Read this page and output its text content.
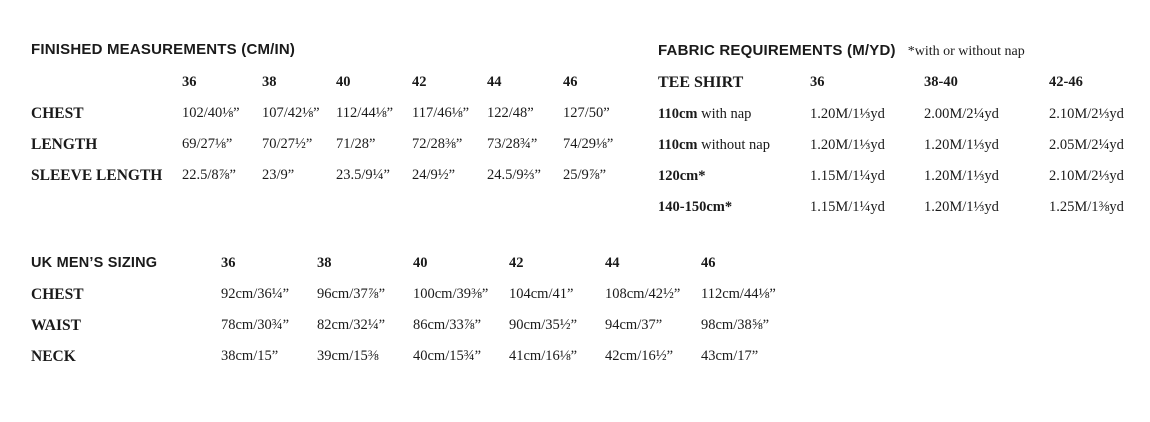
FINISHED MEASUREMENTS (CM/IN)
36	38	40	42	44	46
CHEST	102/40⅛” 107/42⅛” 112/44⅛” 117/46⅛” 122/48” 127/50”
LENGTH	69/27⅛” 70/27½” 71/28”	72/28⅜” 73/28¾” 74/29⅛”
SLEEVE LENGTH 22.5/8⅞” 23/9”	23.5/9¼” 24/9½” 24.5/9⅔” 25/9⅞”
FABRIC REQUIREMENTS (M/YD) *with or without nap
TEE SHIRT	36	38-40	42-46
110cm with nap	1.20M/1⅓yd	2.00M/2¼yd	2.10M/2⅓yd
110cm without nap	1.20M/1⅓yd	1.20M/1⅓yd	2.05M/2¼yd
120cm*	1.15M/1¼yd	1.20M/1⅓yd	2.10M/2⅓yd
140-150cm*	1.15M/1¼yd	1.20M/1⅓yd	1.25M/1⅜yd
UK MEN’S SIZING	36	38	40	42	44	46
CHEST	92cm/36¼” 96cm/37⅞” 100cm/39⅜” 104cm/41” 108cm/42½” 112cm/44⅛”
WAIST	78cm/30¾” 82cm/32¼” 86cm/33⅞” 90cm/35½” 94cm/37”	98cm/38⅝”
NECK	38cm/15”	39cm/15⅜ 40cm/15¾” 41cm/16⅛” 42cm/16½” 43cm/17”
